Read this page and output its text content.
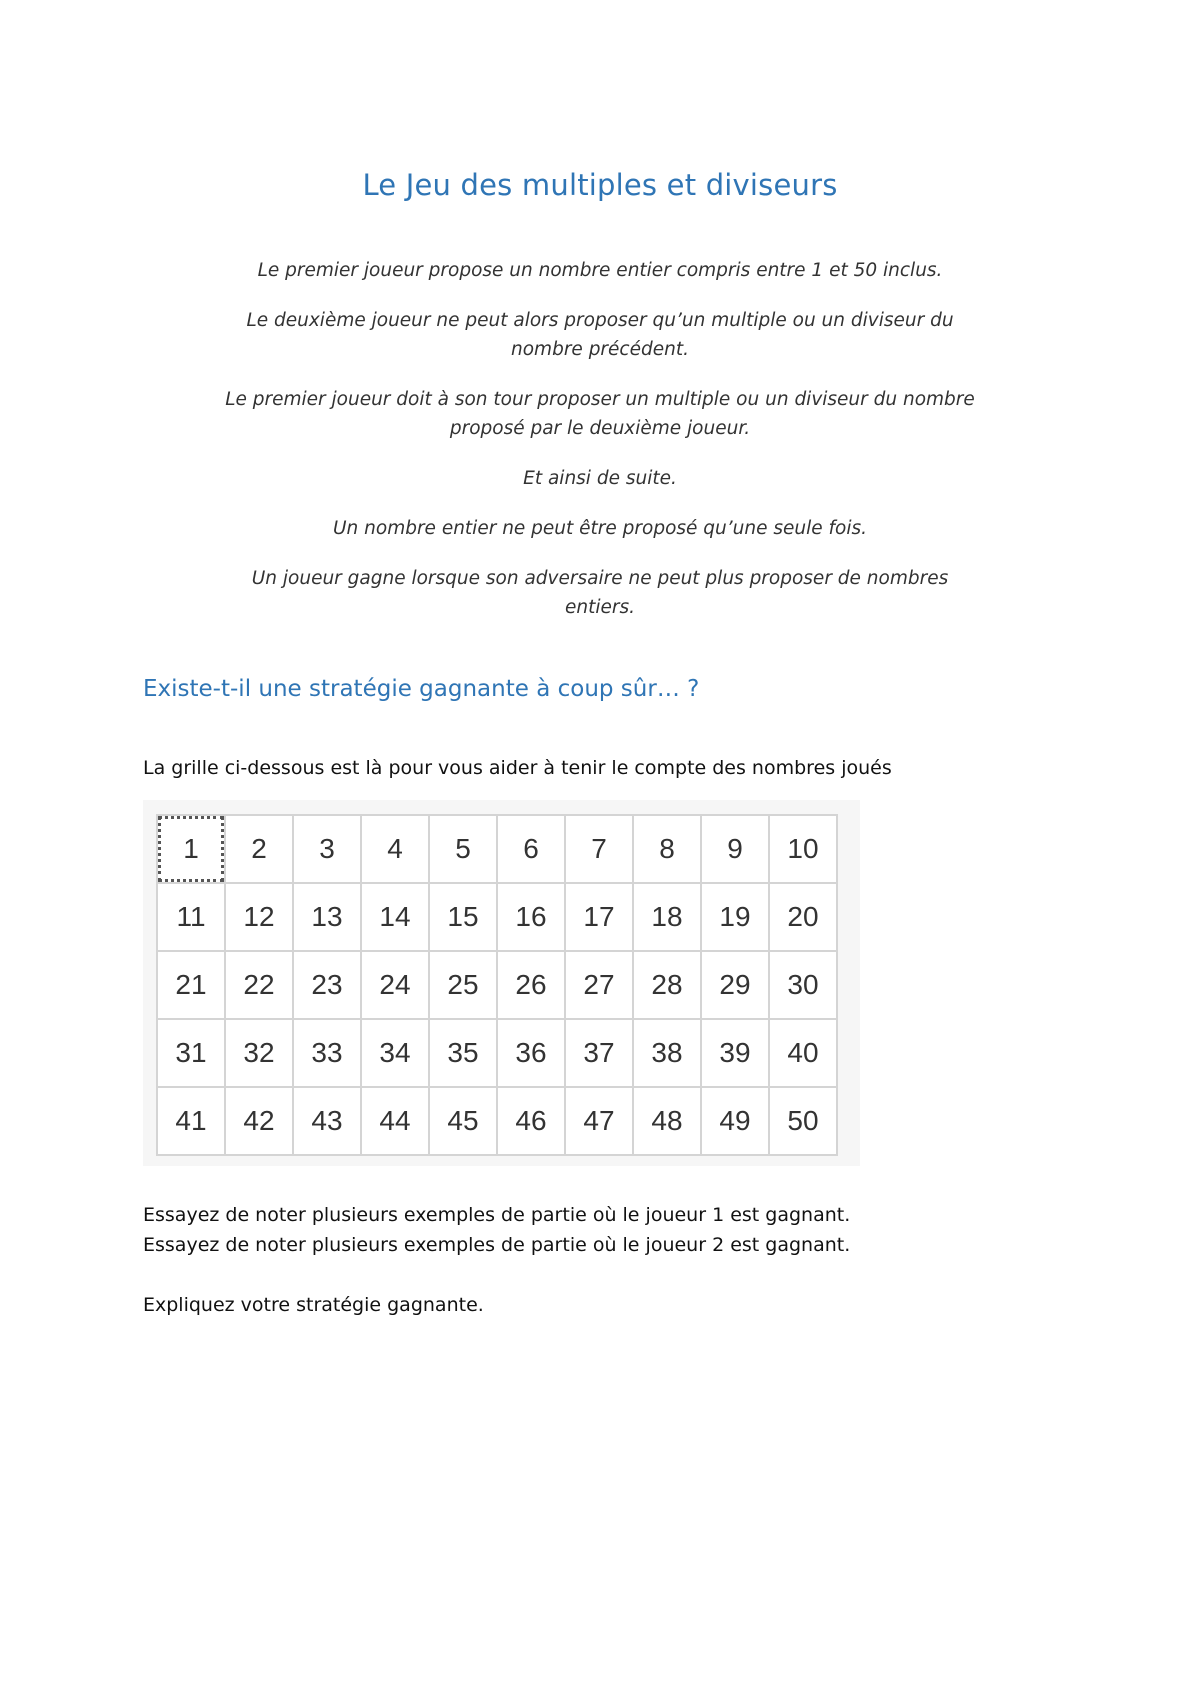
Le Jeu des multiples et diviseurs

Le premier joueur propose un nombre entier compris entre 1 et 50 inclus.

Le deuxième joueur ne peut alors proposer qu’un multiple ou un diviseur du nombre précédent.

Le premier joueur doit à son tour proposer un multiple ou un diviseur du nombre proposé par le deuxième joueur.

Et ainsi de suite.

Un nombre entier ne peut être proposé qu’une seule fois.

Un joueur gagne lorsque son adversaire ne peut plus proposer de nombres entiers.

Existe-t-il une stratégie gagnante à coup sûr… ?
La grille ci-dessous est là pour vous aider à tenir le compte des nombres joués
1	2	3	4	5	6	7	8	9	10
11	12	13	14	15	16	17	18	19	20
21	22	23	24	25	26	27	28	29	30
31	32	33	34	35	36	37	38	39	40
41	42	43	44	45	46	47	48	49	50
Essayez de noter plusieurs exemples de partie où le joueur 1 est gagnant.
Essayez de noter plusieurs exemples de partie où le joueur 2 est gagnant.
Expliquez votre stratégie gagnante.
